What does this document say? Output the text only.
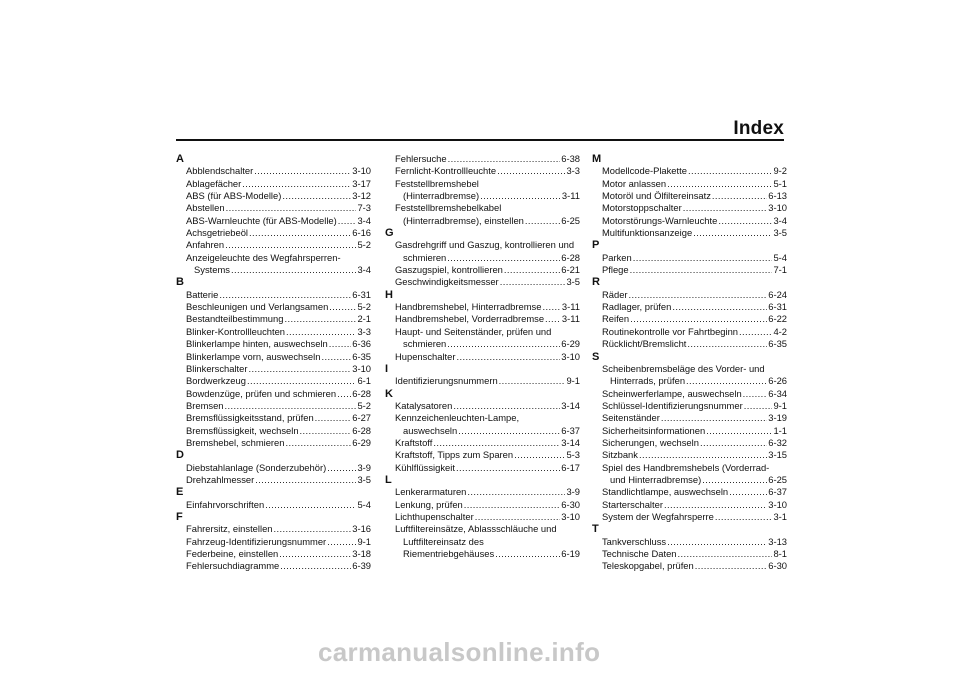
Index
A
Abblendschalter .....	3-10
Ablagefächer .....	3-17
ABS (für ABS-Modelle) .....	3-12
Abstellen .....	7-3
ABS-Warnleuchte (für ABS-Modelle) ..... 3-4
Achsgetriebeöl .....	6-16
Anfahren .....	5-2
Anzeigeleuchte des Wegfahrsperren-
Systems .....	3-4
B
Batterie .....	6-31
Beschleunigen und Verlangsamen .....	5-2
Bestandteilbestimmung .....	2-1
Blinker-Kontrollleuchten .....	3-3
Blinkerlampe hinten, auswechseln .....	6-36
Blinkerlampe vorn, auswechseln .....	6-35
Blinkerschalter .....	3-10
Bordwerkzeug .....	6-1
Bowdenzüge, prüfen und schmieren ..... 6-28
Bremsen .....	5-2
Bremsflüssigkeitsstand, prüfen .....	6-27
Bremsflüssigkeit, wechseln .....	6-28
Bremshebel, schmieren .....	6-29
D
Diebstahlanlage (Sonderzubehör) .....	3-9
Drehzahlmesser .....	3-5
E
Einfahrvorschriften .....	5-4
F
Fahrersitz, einstellen .....	3-16
Fahrzeug-Identifizierungsnummer .....	9-1
Federbeine, einstellen .....	3-18
Fehlersuchdiagramme .....	6-39
Fehlersuche .....	6-38
Fernlicht-Kontrollleuchte .....	3-3
Feststellbremshebel
(Hinterradbremse) .....	3-11
Feststellbremshebelkabel
(Hinterradbremse), einstellen .....	6-25
G
Gasdrehgriff und Gaszug, kontrollieren und
schmieren .....	6-28
Gaszugspiel, kontrollieren .....	6-21
Geschwindigkeitsmesser .....	3-5
H
Handbremshebel, Hinterradbremse ..... 3-11
Handbremshebel, Vorderradbremse ..... 3-11
Haupt- und Seitenständer, prüfen und
schmieren .....	6-29
Hupenschalter .....	3-10
I
Identifizierungsnummern .....	9-1
K
Katalysatoren .....	3-14
Kennzeichenleuchten-Lampe,
auswechseln .....	6-37
Kraftstoff .....	3-14
Kraftstoff, Tipps zum Sparen .....	5-3
Kühlflüssigkeit .....	6-17
L
Lenkerarmaturen .....	3-9
Lenkung, prüfen .....	6-30
Lichthupenschalter .....	3-10
Luftfiltereinsätze, Ablassschläuche und
Luftfiltereinsatz des
Riementriebgehäuses .....	6-19
M
Modellcode-Plakette .....	9-2
Motor anlassen .....	5-1
Motoröl und Ölfiltereinsatz .....	6-13
Motorstoppschalter .....	3-10
Motorstörungs-Warnleuchte .....	3-4
Multifunktionsanzeige .....	3-5
P
Parken .....	5-4
Pflege .....	7-1
R
Räder .....	6-24
Radlager, prüfen .....	6-31
Reifen .....	6-22
Routinekontrolle vor Fahrtbeginn .....	4-2
Rücklicht/Bremslicht .....	6-35
S
Scheibenbremsbeläge des Vorder- und
Hinterrads, prüfen .....	6-26
Scheinwerferlampe, auswechseln .....	6-34
Schlüssel-Identifizierungsnummer .....	9-1
Seitenständer .....	3-19
Sicherheitsinformationen .....	1-1
Sicherungen, wechseln .....	6-32
Sitzbank .....	3-15
Spiel des Handbremshebels (Vorderrad-
und Hinterradbremse) .....	6-25
Standlichtlampe, auswechseln .....	6-37
Starterschalter .....	3-10
System der Wegfahrsperre .....	3-1
T
Tankverschluss .....	3-13
Technische Daten .....	8-1
Teleskopgabel, prüfen .....	6-30
carmanualsonline.info
